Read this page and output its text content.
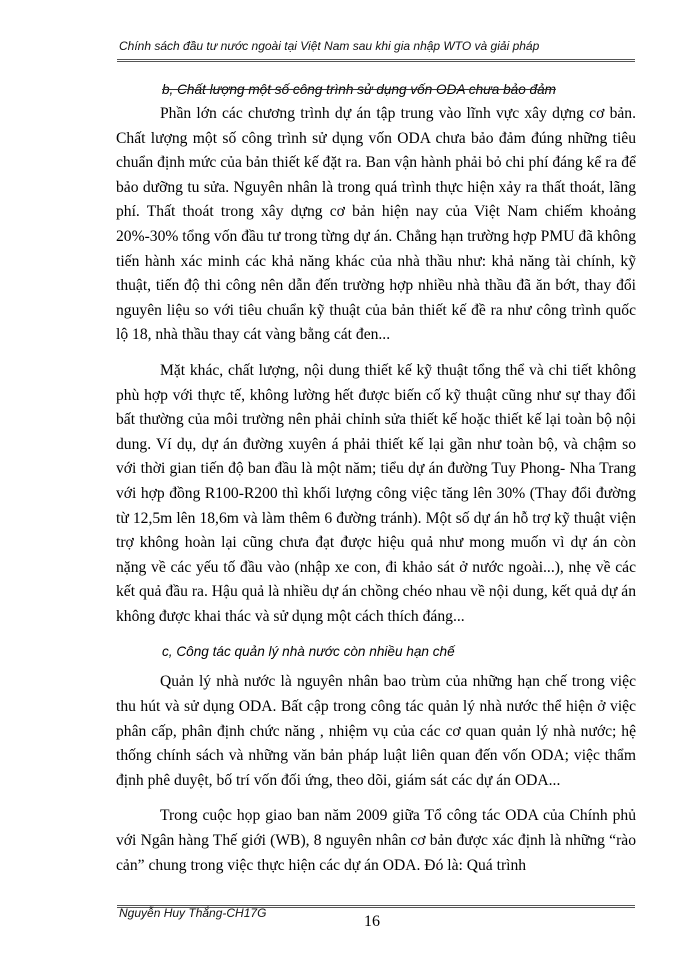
Chính sách đầu tư nước ngoài tại Việt Nam sau khi gia nhập WTO và giải pháp

b, Chất lượng một số công trình sử dụng vốn ODA chưa bảo đảm

Phần lớn các chương trình dự án tập trung vào lĩnh vực xây dựng cơ bản. Chất lượng một số công trình sử dụng vốn ODA chưa bảo đảm đúng những tiêu chuẩn định mức của bản thiết kế đặt ra. Ban vận hành phải bỏ chi phí đáng kể ra để bảo dưỡng tu sửa. Nguyên nhân là trong quá trình thực hiện xảy ra thất thoát, lãng phí. Thất thoát trong xây dựng cơ bản hiện nay của Việt Nam chiếm khoảng 20%-30% tổng vốn đầu tư trong từng dự án. Chẳng hạn trường hợp PMU đã không tiến hành xác minh các khả năng khác của nhà thầu như: khả năng tài chính, kỹ thuật, tiến độ thi công nên dẫn đến trường hợp nhiều nhà thầu đã ăn bớt, thay đổi nguyên liệu so với tiêu chuẩn kỹ thuật của bản thiết kế đề ra như công trình quốc lộ 18, nhà thầu thay cát vàng bằng cát đen...

Mặt khác, chất lượng, nội dung thiết kế kỹ thuật tổng thể và chi tiết không phù hợp với thực tế, không lường hết được biến cố kỹ thuật cũng như sự thay đổi bất thường của môi trường nên phải chỉnh sửa thiết kế hoặc thiết kế lại toàn bộ nội dung. Ví dụ, dự án đường xuyên á phải thiết kế lại gần như toàn bộ, và chậm so với thời gian tiến độ ban đầu là một năm; tiểu dự án đường Tuy Phong- Nha Trang với hợp đồng R100-R200 thì khối lượng công việc tăng lên 30% (Thay đổi đường từ 12,5m lên 18,6m và làm thêm 6 đường tránh). Một số dự án hỗ trợ kỹ thuật viện trợ không hoàn lại cũng chưa đạt được hiệu quả như mong muốn vì dự án còn nặng về các yếu tố đầu vào (nhập xe con, đi khảo sát ở nước ngoài...), nhẹ về các kết quả đầu ra. Hậu quả là nhiều dự án chồng chéo nhau về nội dung, kết quả dự án không được khai thác và sử dụng một cách thích đáng...

c, Công tác quản lý nhà nước còn nhiều hạn chế

Quản lý nhà nước là nguyên nhân bao trùm của những hạn chế trong việc thu hút và sử dụng ODA. Bất cập trong công tác quản lý nhà nước thể hiện ở việc phân cấp, phân định chức năng , nhiệm vụ của các cơ quan quản lý nhà nước; hệ thống chính sách và những văn bản pháp luật liên quan đến vốn ODA; việc thẩm định phê duyệt, bố trí vốn đối ứng, theo dõi, giám sát các dự án ODA...

Trong cuộc họp giao ban năm 2009 giữa Tổ công tác ODA của Chính phủ với Ngân hàng Thế giới (WB), 8 nguyên nhân cơ bản được xác định là những “rào cản” chung trong việc thực hiện các dự án ODA. Đó là: Quá trình

Nguyễn Huy Thắng-CH17G	16
